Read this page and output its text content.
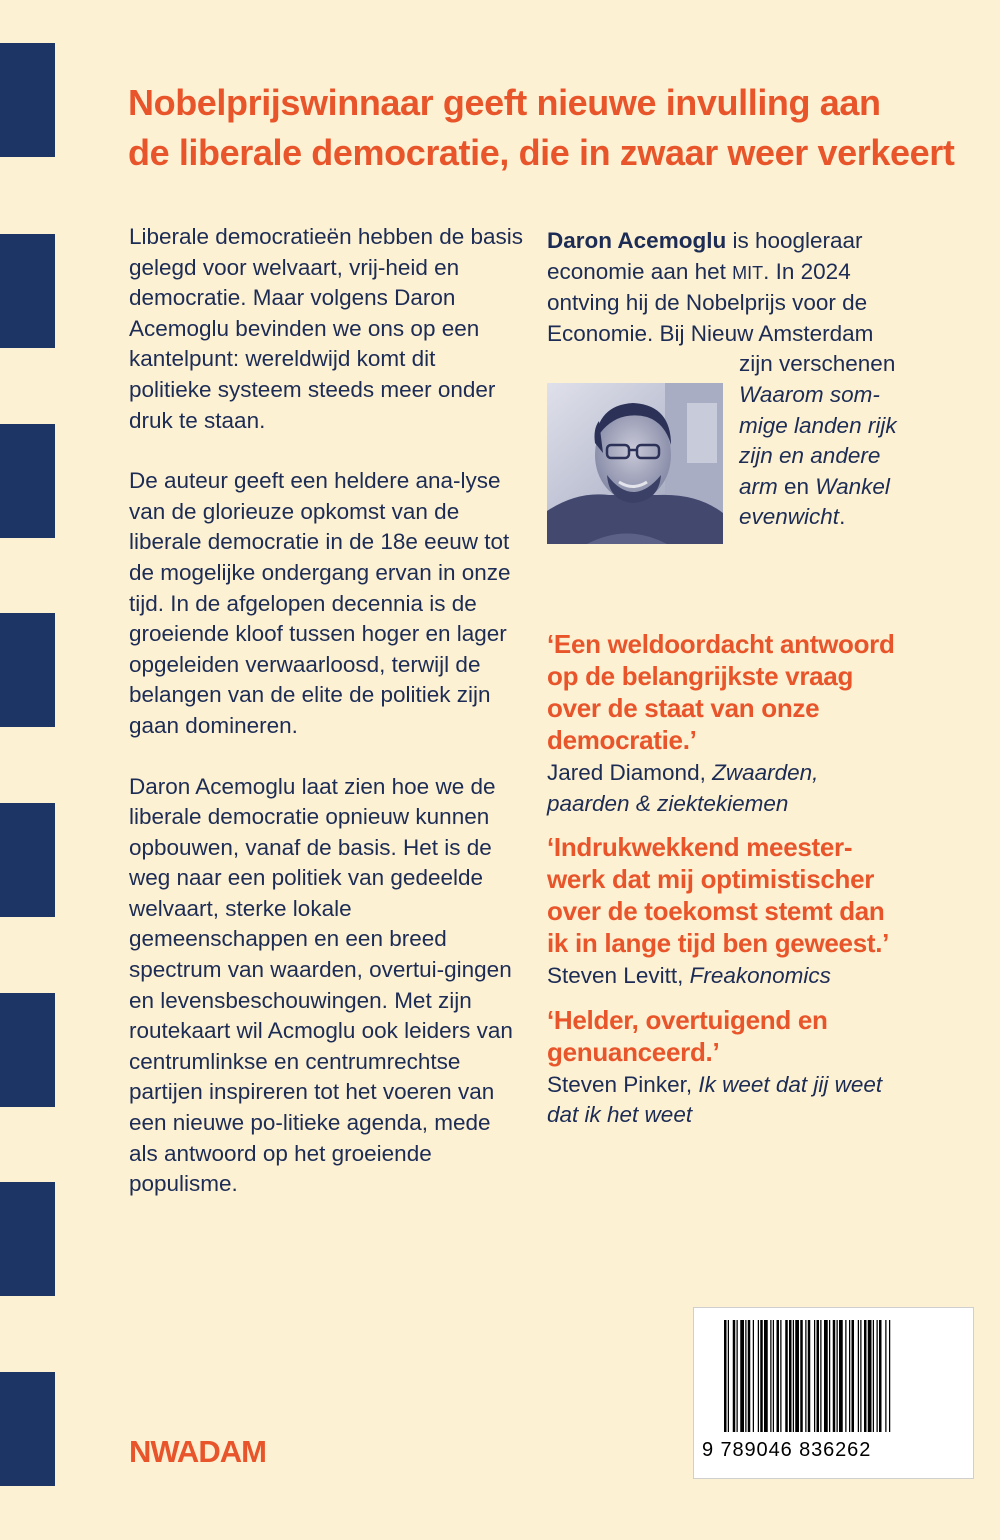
Nobelprijswinnaar geeft nieuwe invulling aan
de liberale democratie, die in zwaar weer verkeert

Liberale democratieën hebben de basis gelegd voor welvaart, vrij-heid en democratie. Maar volgens Daron Acemoglu bevinden we ons op een kantelpunt: wereldwijd komt dit politieke systeem steeds meer onder druk te staan.

De auteur geeft een heldere ana-lyse van de glorieuze opkomst van de liberale democratie in de 18e eeuw tot de mogelijke ondergang ervan in onze tijd. In de afgelopen decennia is de groeiende kloof tussen hoger en lager opgeleiden verwaarloosd, terwijl de belangen van de elite de politiek zijn gaan domineren.

Daron Acemoglu laat zien hoe we de liberale democratie opnieuw kunnen opbouwen, vanaf de basis. Het is de weg naar een politiek van gedeelde welvaart, sterke lokale gemeenschappen en een breed spectrum van waarden, overtui-gingen en levensbeschouwingen. Met zijn routekaart wil Acmoglu ook leiders van centrumlinkse en centrumrechtse partijen inspireren tot het voeren van een nieuwe po-litieke agenda, mede als antwoord op het groeiende populisme.

Daron Acemoglu is hoogleraar
economie aan het MIT. In 2024
ontving hij de Nobelprijs voor de
Economie. Bij Nieuw Amsterdam
zijn verschenen
Waarom som-
mige landen rijk
zijn en andere
arm en Wankel
evenwicht.
‘Een weldoordacht antwoord
op de belangrijkste vraag
over de staat van onze
democratie.’
Jared Diamond, Zwaarden,
paarden & ziektekiemen
‘Indrukwekkend meester-
werk dat mij optimistischer
over de toekomst stemt dan
ik in lange tijd ben geweest.’
Steven Levitt, Freakonomics
‘Helder, overtuigend en
genuanceerd.’
Steven Pinker, Ik weet dat jij weet
dat ik het weet
NWADAM	9 789046 836262
